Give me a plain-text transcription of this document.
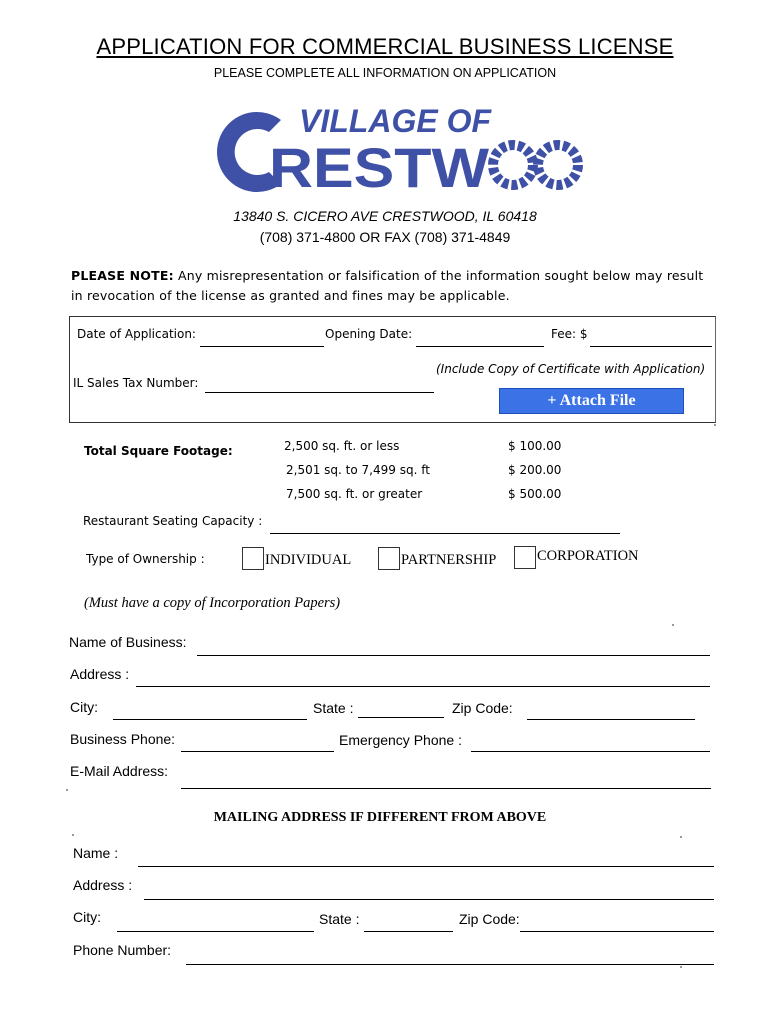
APPLICATION FOR COMMERCIAL BUSINESS LICENSE
PLEASE COMPLETE ALL INFORMATION ON APPLICATION
VILLAGE OF
RESTW
13840 S. CICERO AVE CRESTWOOD, IL 60418
(708) 371-4800 OR FAX (708) 371-4849
PLEASE NOTE: Any misrepresentation or falsification of the information sought below may result in revocation of the license as granted and fines may be applicable.
Date of Application:	Opening Date:	Fee: $
(Include Copy of Certificate with Application)
IL Sales Tax Number:
+ Attach File
Total Square Footage:	2,500 sq. ft. or less	$ 100.00
2,501 sq. to 7,499 sq. ft	$ 200.00
7,500 sq. ft. or greater	$ 500.00
Restaurant Seating Capacity :
Type of Ownership :	INDIVIDUAL	PARTNERSHIP	CORPORATION
(Must have a copy of Incorporation Papers)
Name of Business:
Address :
City:	State :	Zip Code:
Business Phone:	Emergency Phone :
E-Mail Address:
MAILING ADDRESS IF DIFFERENT FROM ABOVE
Name :
Address :
City:	State :	Zip Code:
Phone Number:
